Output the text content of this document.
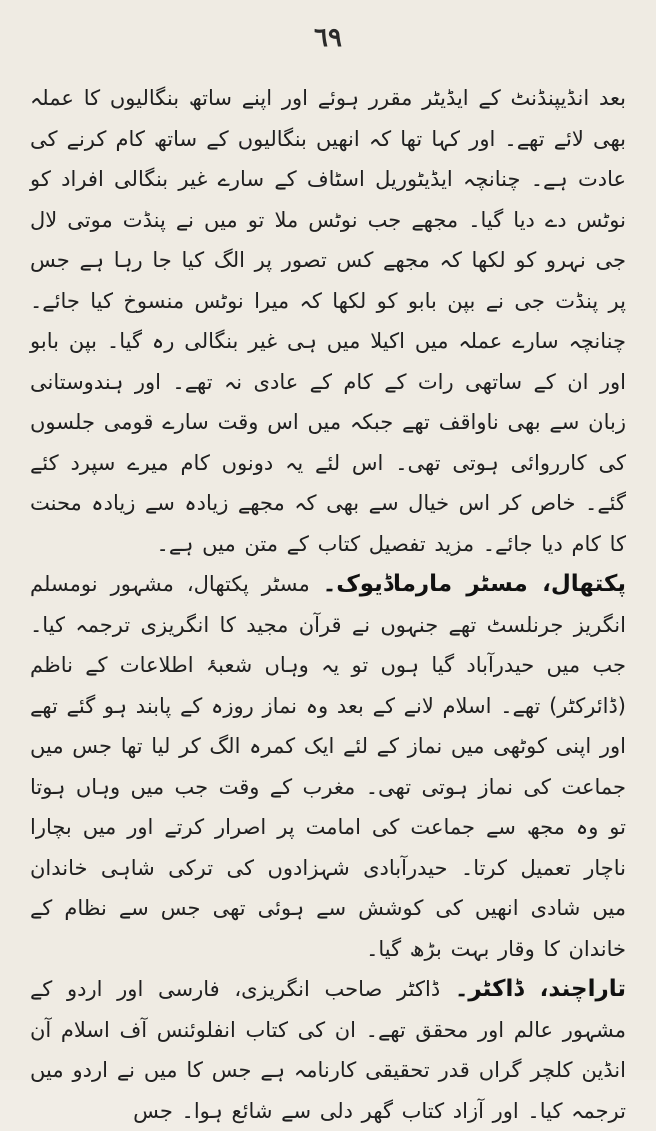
٦٩

بعد انڈیپنڈنٹ کے ایڈیٹر مقرر ہوئے اور اپنے ساتھ بنگالیوں کا عملہ بھی لائے تھے۔ اور کہا تھا کہ انھیں بنگالیوں کے ساتھ کام کرنے کی عادت ہے۔ چنانچہ ایڈیٹوریل اسٹاف کے سارے غیر بنگالی افراد کو نوٹس دے دیا گیا۔ مجھے جب نوٹس ملا تو میں نے پنڈت موتی لال جی نہرو کو لکھا کہ مجھے کس تصور پر الگ کیا جا رہا ہے جس پر پنڈت جی نے بپن بابو کو لکھا کہ میرا نوٹس منسوخ کیا جائے۔ چنانچہ سارے عملہ میں اکیلا میں ہی غیر بنگالی رہ گیا۔ بپن بابو اور ان کے ساتھی رات کے کام کے عادی نہ تھے۔ اور ہندوستانی زبان سے بھی ناواقف تھے جبکہ میں اس وقت سارے قومی جلسوں کی کارروائی ہوتی تھی۔ اس لئے یہ دونوں کام میرے سپرد کئے گئے۔ خاص کر اس خیال سے بھی کہ مجھے زیادہ سے زیادہ محنت کا کام دیا جائے۔ مزید تفصیل کتاب کے متن میں ہے۔

پکتھال، مسٹر مارماڈیوک۔ مسٹر پکتھال، مشہور نومسلم انگریز جرنلسٹ تھے جنہوں نے قرآن مجید کا انگریزی ترجمہ کیا۔ جب میں حیدرآباد گیا ہوں تو یہ وہاں شعبۂ اطلاعات کے ناظم (ڈائرکٹر) تھے۔ اسلام لانے کے بعد وہ نماز روزہ کے پابند ہو گئے تھے اور اپنی کوٹھی میں نماز کے لئے ایک کمرہ الگ کر لیا تھا جس میں جماعت کی نماز ہوتی تھی۔ مغرب کے وقت جب میں وہاں ہوتا تو وہ مجھ سے جماعت کی امامت پر اصرار کرتے اور میں بچارا ناچار تعمیل کرتا۔ حیدرآبادی شہزادوں کی ترکی شاہی خاندان میں شادی انھیں کی کوشش سے ہوئی تھی جس سے نظام کے خاندان کا وقار بہت بڑھ گیا۔

تاراچند، ڈاکٹر۔ ڈاکٹر صاحب انگریزی، فارسی اور اردو کے مشہور عالم اور محقق تھے۔ ان کی کتاب انفلوئنس آف اسلام آن انڈین کلچر گراں قدر تحقیقی کارنامہ ہے جس کا میں نے اردو میں ترجمہ کیا۔ اور آزاد کتاب گھر دلی سے شائع ہوا۔ جس
